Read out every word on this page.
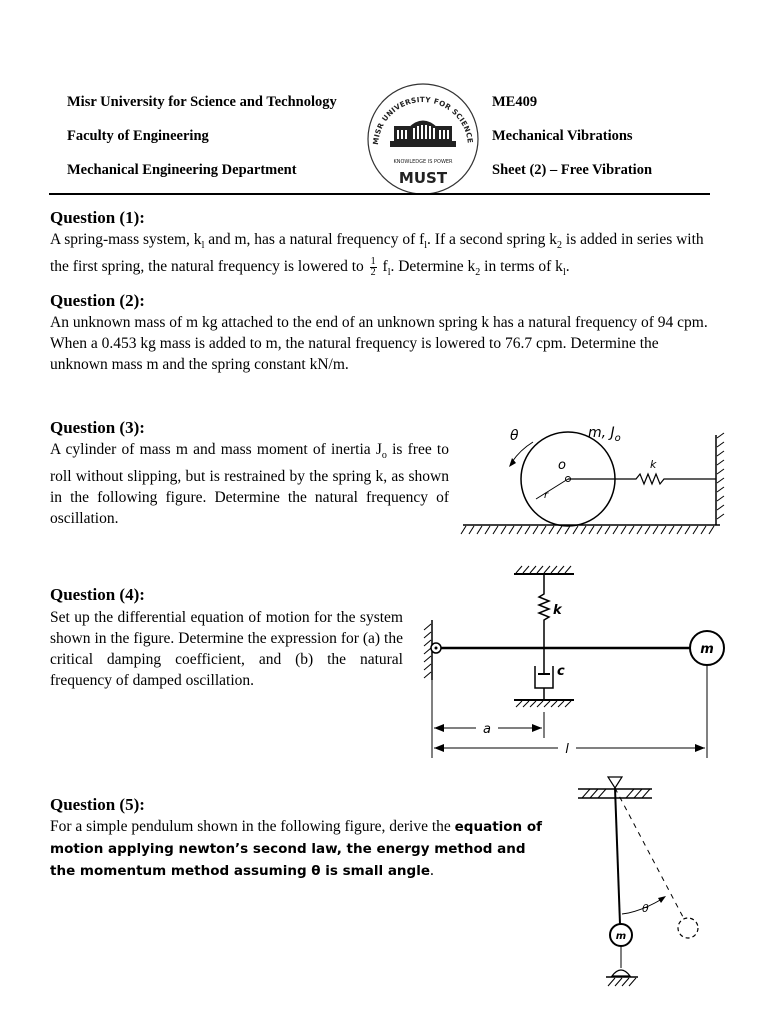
Misr University for Science and Technology
Faculty of Engineering
Mechanical Engineering Department
ME409
Mechanical Vibrations
Sheet (2) – Free Vibration
MISR UNIVERSITY FOR SCIENCE & TECHNOLOGY
KNOWLEDGE IS POWER
MUST
Question (1):
A spring-mass system, $k_l$ and m, has a natural frequency of $f_l$. If a second spring $k_2$ is added in series with the first spring, the natural frequency is lowered to $\frac{1}{2} f_l$. Determine $k_2$ in terms of $k_l$.
Question (2):
An unknown mass of m kg attached to the end of an unknown spring k has a natural frequency of 94 cpm. When a 0.453 kg mass is added to m, the natural frequency is lowered to 76.7 cpm. Determine the unknown mass m and the spring constant kN/m.
Question (3):
A cylinder of mass m and mass moment of inertia $J_o$ is free to roll without slipping, but is restrained by the spring k, as shown in the following figure. Determine the natural frequency of oscillation.
o
r
k
θ	m, $J_o$
Question (4):
Set up the differential equation of motion for the system shown in the figure. Determine the expression for (a) the critical damping coefficient, and (b) the natural frequency of damped oscillation.
k
c
m
a
l
Question (5):
For a simple pendulum shown in the following figure, derive the equation of motion applying newton’s second law, the energy method and the momentum method assuming θ is small angle.
m
θ
